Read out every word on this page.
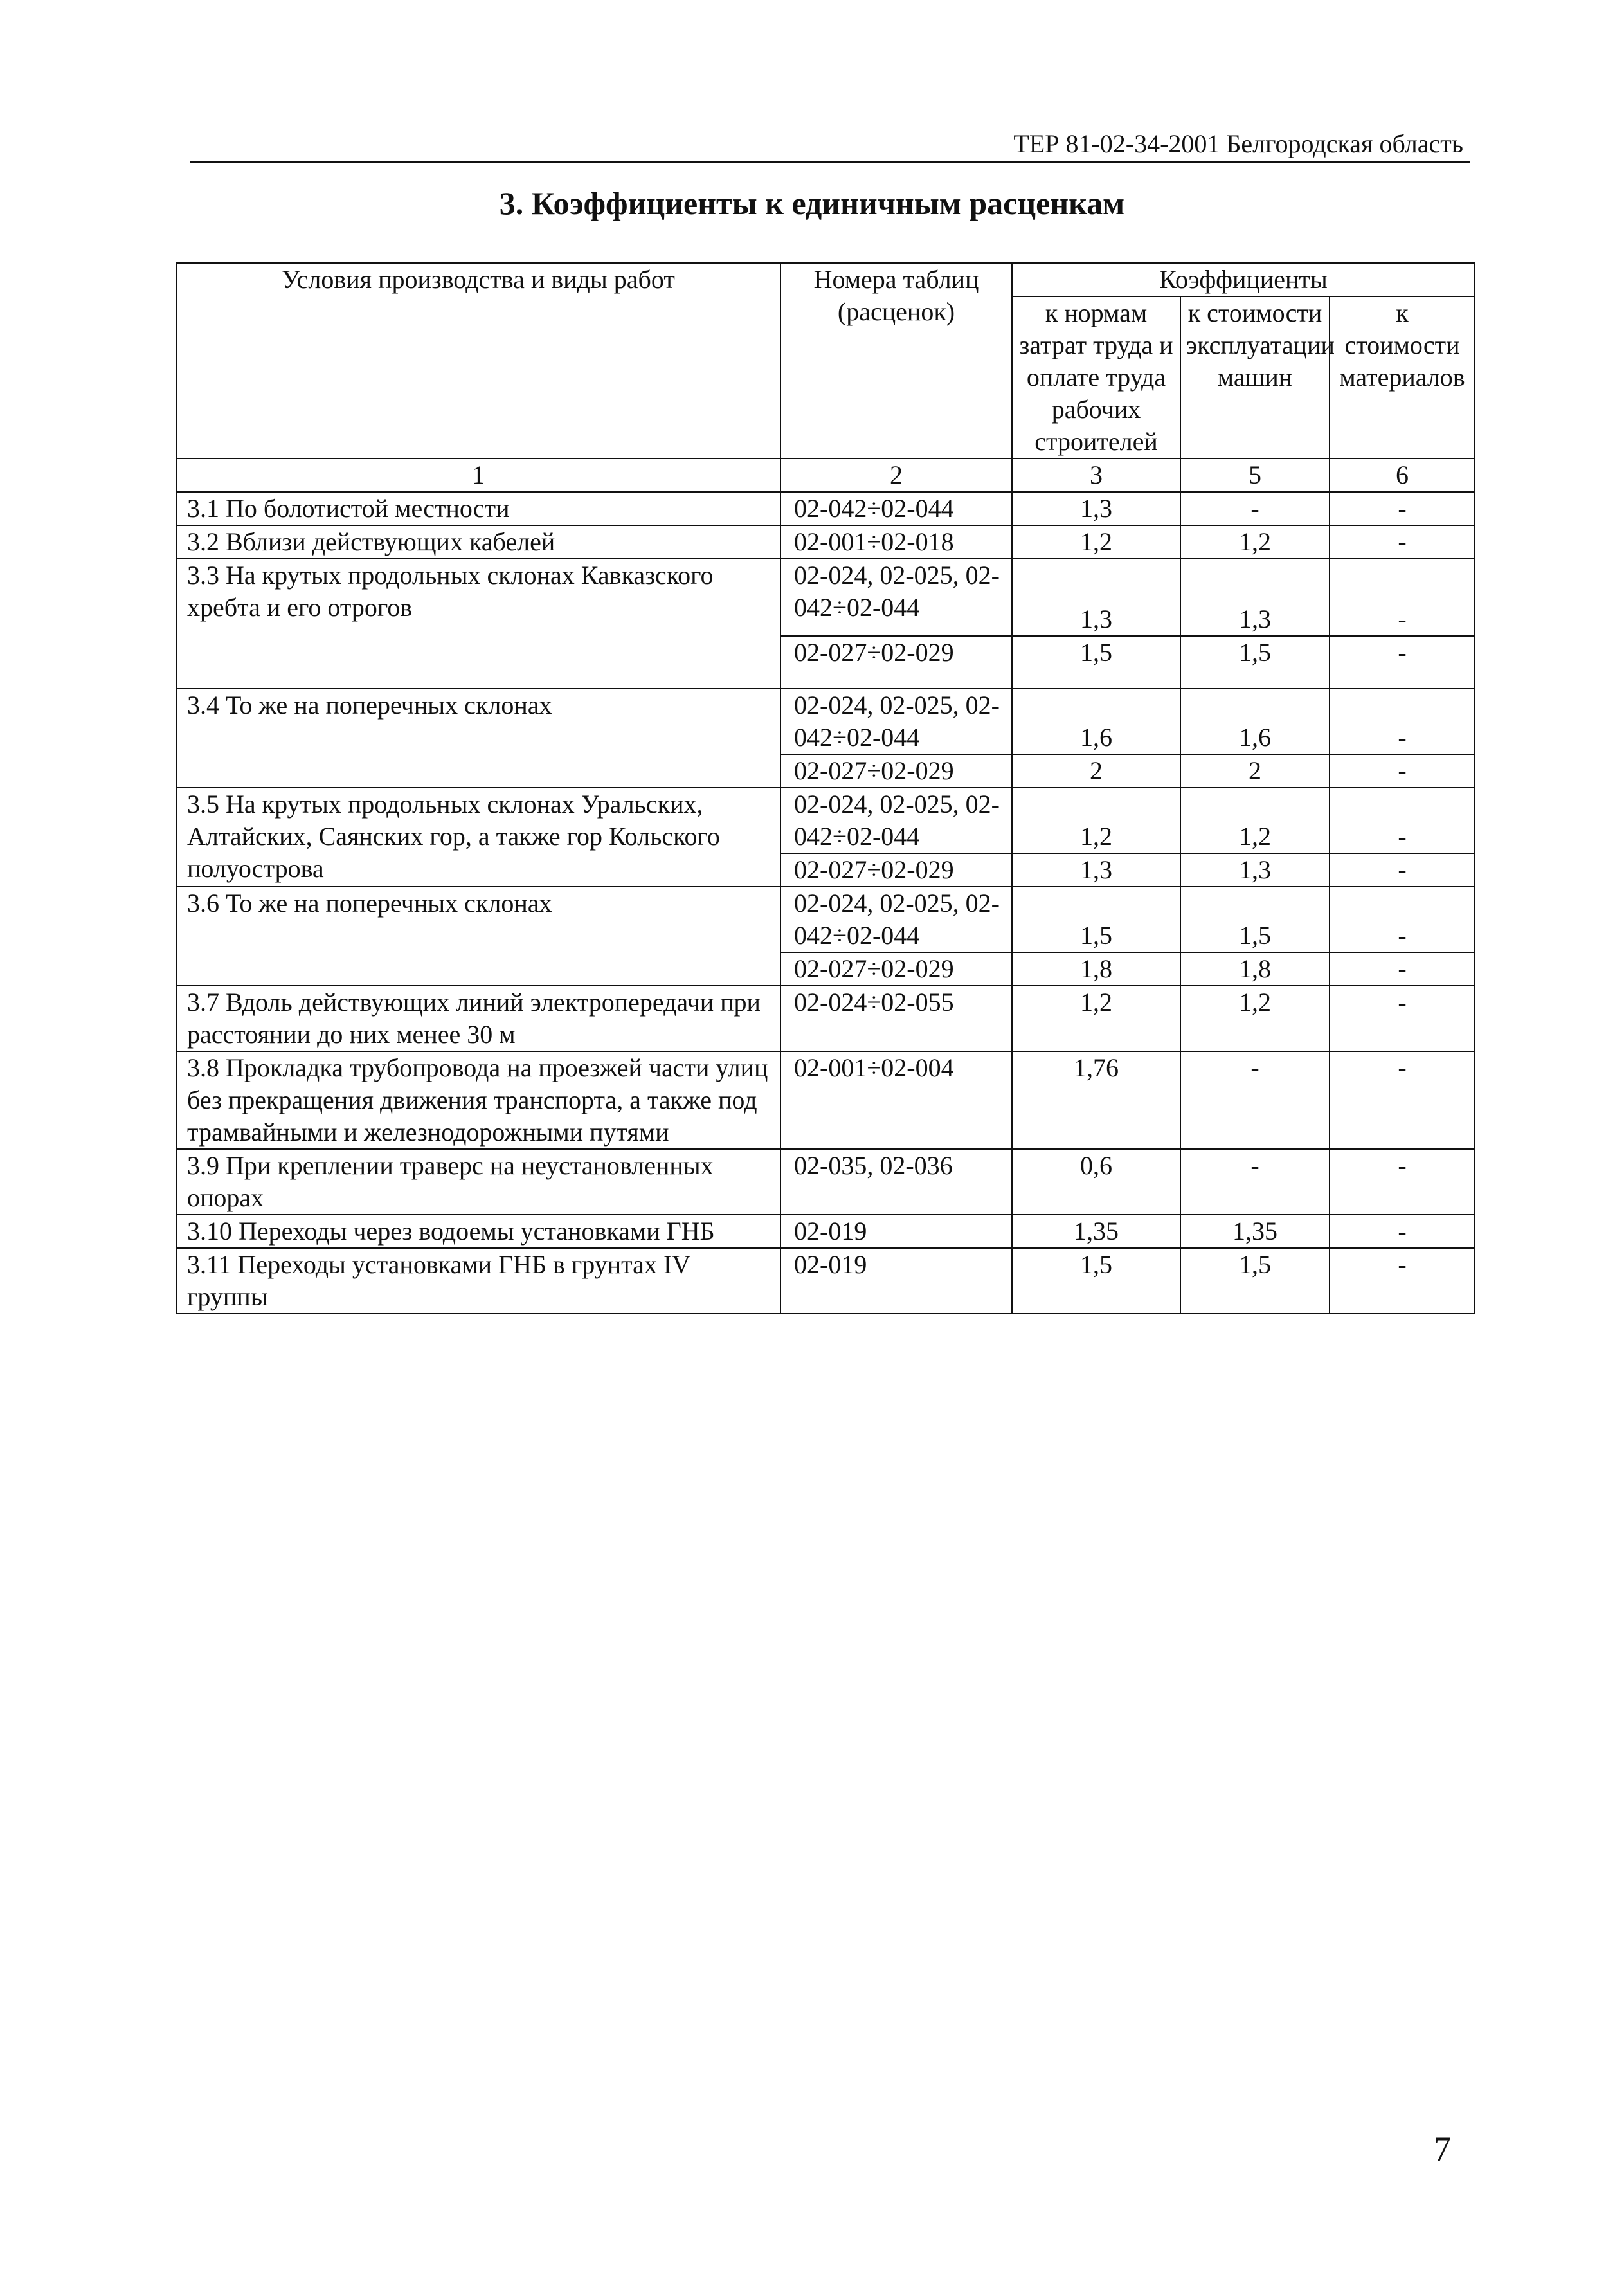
ТЕР 81-02-34-2001 Белгородская область
3. Коэффициенты к единичным расценкам
Условия производства и виды работ	Номера таблиц (расценок)	Коэффициенты		
		к нормам затрат труда и оплате труда рабочих строителей	к стоимости эксплуатации машин	к стоимости материалов
1	2	3	5	6
3.1 По болотистой местности	02-042÷02-044	1,3	-	-
3.2 Вблизи действующих кабелей	02-001÷02-018	1,2	1,2	-
3.3 На крутых продольных склонах Кавказского хребта и его отрогов	02-024, 02-025, 02-042÷02-044	1,3	1,3	-
	02-027÷02-029	1,5	1,5	-
3.4 То же на поперечных склонах	02-024, 02-025, 02-042÷02-044	1,6	1,6	-
	02-027÷02-029	2	2	-
3.5 На крутых продольных склонах Уральских, Алтайских, Саянских гор, а также гор Кольского полуострова	02-024, 02-025, 02-042÷02-044	1,2	1,2	-
	02-027÷02-029	1,3	1,3	-
3.6 То же на поперечных склонах	02-024, 02-025, 02-042÷02-044	1,5	1,5	-
	02-027÷02-029	1,8	1,8	-
3.7 Вдоль действующих линий электропередачи при расстоянии до них менее 30 м	02-024÷02-055	1,2	1,2	-
3.8 Прокладка трубопровода на проезжей части улиц без прекращения движения транспорта, а также под трамвайными и железнодорожными путями	02-001÷02-004	1,76	-	-
3.9 При креплении траверс на неустановленных опорах	02-035, 02-036	0,6	-	-
3.10 Переходы через водоемы установками ГНБ	02-019	1,35	1,35	-
3.11 Переходы установками ГНБ в грунтах IV группы	02-019	1,5	1,5	-
7
